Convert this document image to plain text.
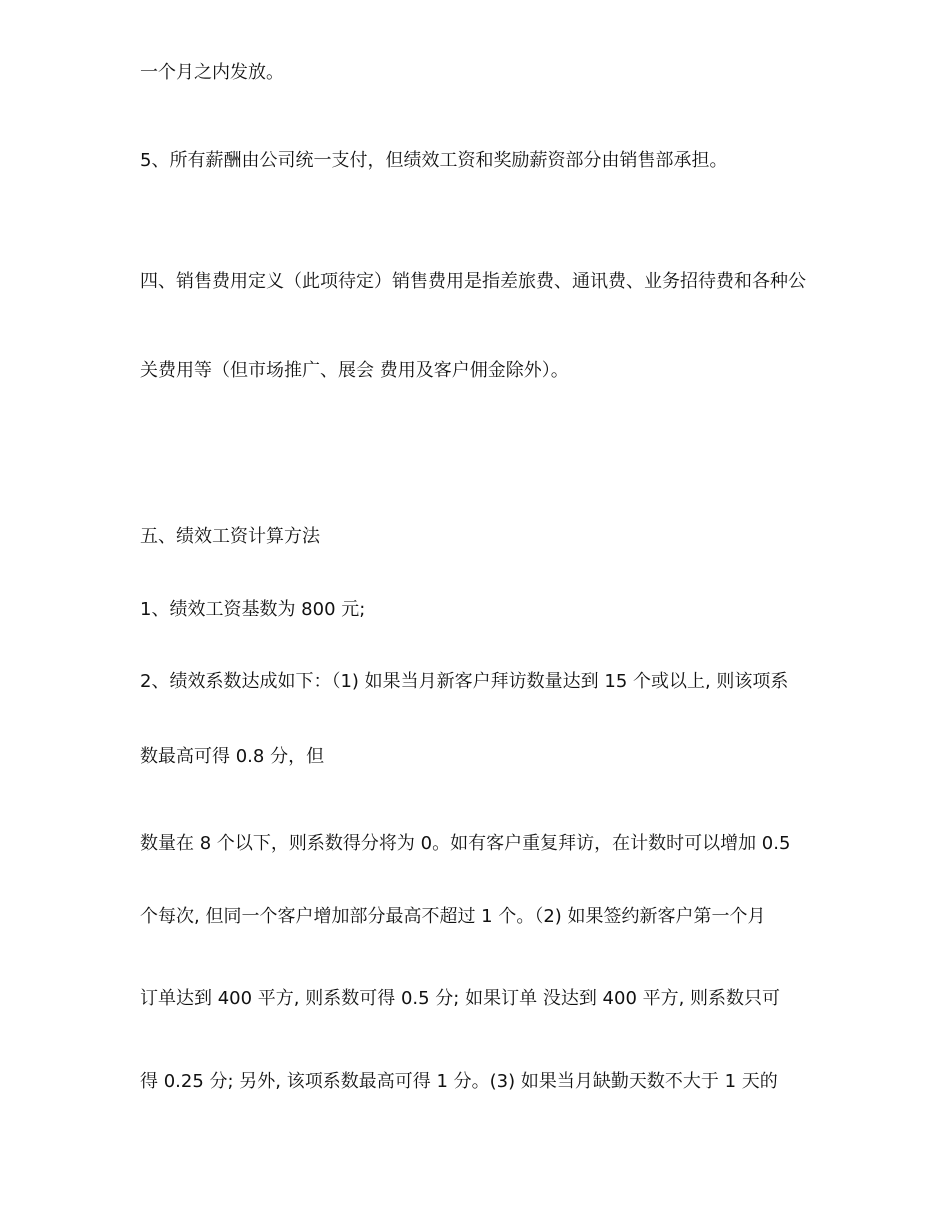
一个月之内发放。
5、所有薪酬由公司统一支付，但绩效工资和奖励薪资部分由销售部承担。
四、销售费用定义（此项待定）销售费用是指差旅费、通讯费、业务招待费和各种公
关费用等（但市场推广、展会 费用及客户佣金除外）。
五、绩效工资计算方法
1、绩效工资基数为 800 元;
2、绩效系数达成如下：（1) 如果当月新客户拜访数量达到 15 个或以上, 则该项系
数最高可得 0.8 分，但
数量在 8 个以下，则系数得分将为 0。如有客户重复拜访，在计数时可以增加 0.5
个每次, 但同一个客户增加部分最高不超过 1 个。（2) 如果签约新客户第一个月
订单达到 400 平方, 则系数可得 0.5 分; 如果订单 没达到 400 平方, 则系数只可
得 0.25 分; 另外, 该项系数最高可得 1 分。(3) 如果当月缺勤天数不大于 1 天的
